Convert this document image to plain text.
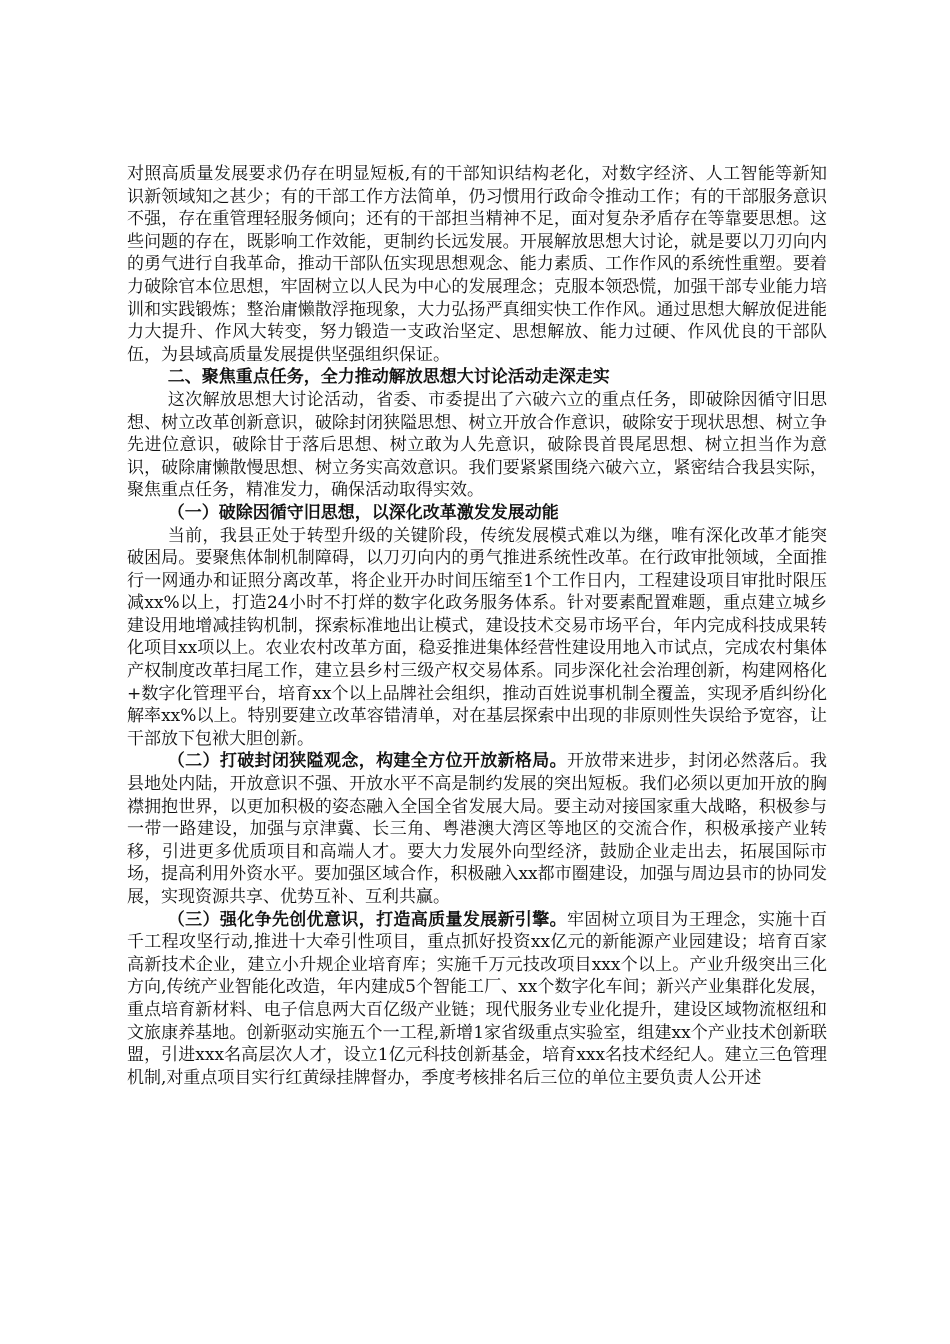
对照高质量发展要求仍存在明显短板,有的干部知识结构老化，对数字经济、人工智能等新知识新领域知之甚少；有的干部工作方法简单，仍习惯用行政命令推动工作；有的干部服务意识不强，存在重管理轻服务倾向；还有的干部担当精神不足，面对复杂矛盾存在等靠要思想。这些问题的存在，既影响工作效能，更制约长远发展。开展解放思想大讨论，就是要以刀刃向内的勇气进行自我革命，推动干部队伍实现思想观念、能力素质、工作作风的系统性重塑。要着力破除官本位思想，牢固树立以人民为中心的发展理念；克服本领恐慌，加强干部专业能力培训和实践锻炼；整治庸懒散浮拖现象，大力弘扬严真细实快工作作风。通过思想大解放促进能力大提升、作风大转变，努力锻造一支政治坚定、思想解放、能力过硬、作风优良的干部队伍，为县域高质量发展提供坚强组织保证。

二、聚焦重点任务，全力推动解放思想大讨论活动走深走实

这次解放思想大讨论活动，省委、市委提出了六破六立的重点任务，即破除因循守旧思想、树立改革创新意识，破除封闭狭隘思想、树立开放合作意识，破除安于现状思想、树立争先进位意识，破除甘于落后思想、树立敢为人先意识，破除畏首畏尾思想、树立担当作为意识，破除庸懒散慢思想、树立务实高效意识。我们要紧紧围绕六破六立，紧密结合我县实际，聚焦重点任务，精准发力，确保活动取得实效。

（一）破除因循守旧思想，以深化改革激发发展动能

当前，我县正处于转型升级的关键阶段，传统发展模式难以为继，唯有深化改革才能突破困局。要聚焦体制机制障碍，以刀刃向内的勇气推进系统性改革。在行政审批领域，全面推行一网通办和证照分离改革，将企业开办时间压缩至1个工作日内，工程建设项目审批时限压减xx%以上，打造24小时不打烊的数字化政务服务体系。针对要素配置难题，重点建立城乡建设用地增减挂钩机制，探索标准地出让模式，建设技术交易市场平台，年内完成科技成果转化项目xx项以上。农业农村改革方面，稳妥推进集体经营性建设用地入市试点，完成农村集体产权制度改革扫尾工作，建立县乡村三级产权交易体系。同步深化社会治理创新，构建网格化+数字化管理平台，培育xx个以上品牌社会组织，推动百姓说事机制全覆盖，实现矛盾纠纷化解率xx%以上。特别要建立改革容错清单，对在基层探索中出现的非原则性失误给予宽容，让干部放下包袱大胆创新。

（二）打破封闭狭隘观念，构建全方位开放新格局。开放带来进步，封闭必然落后。我县地处内陆，开放意识不强、开放水平不高是制约发展的突出短板。我们必须以更加开放的胸襟拥抱世界，以更加积极的姿态融入全国全省发展大局。要主动对接国家重大战略，积极参与一带一路建设，加强与京津冀、长三角、粤港澳大湾区等地区的交流合作，积极承接产业转移，引进更多优质项目和高端人才。要大力发展外向型经济，鼓励企业走出去，拓展国际市场，提高利用外资水平。要加强区域合作，积极融入xx都市圈建设，加强与周边县市的协同发展，实现资源共享、优势互补、互利共赢。

（三）强化争先创优意识，打造高质量发展新引擎。牢固树立项目为王理念，实施十百千工程攻坚行动,推进十大牵引性项目，重点抓好投资xx亿元的新能源产业园建设；培育百家高新技术企业，建立小升规企业培育库；实施千万元技改项目xxx个以上。产业升级突出三化方向,传统产业智能化改造，年内建成5个智能工厂、xx个数字化车间；新兴产业集群化发展，重点培育新材料、电子信息两大百亿级产业链；现代服务业专业化提升，建设区域物流枢纽和文旅康养基地。创新驱动实施五个一工程,新增1家省级重点实验室，组建xx个产业技术创新联盟，引进xxx名高层次人才，设立1亿元科技创新基金，培育xxx名技术经纪人。建立三色管理机制,对重点项目实行红黄绿挂牌督办，季度考核排名后三位的单位主要负责人公开述
